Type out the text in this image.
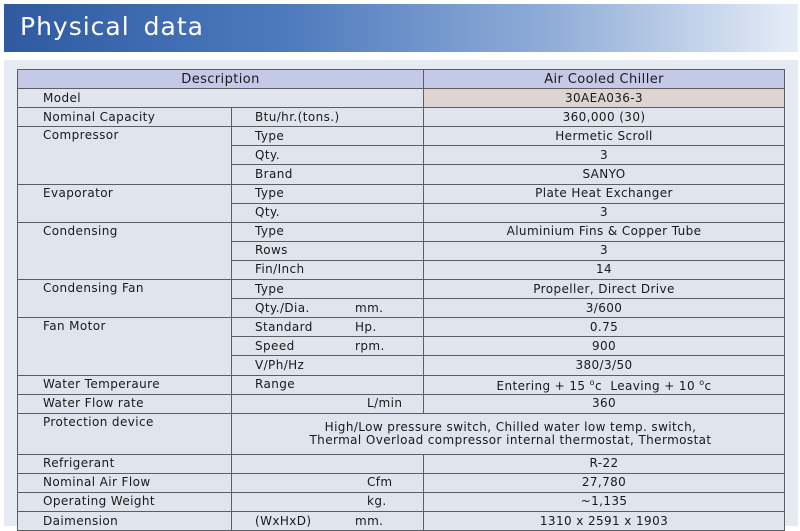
Physical data
Description		Air Cooled Chiller
Model		30AEA036-3
Nominal Capacity	Btu/hr.(tons.)	360,000 (30)
Compressor	Type	Hermetic Scroll
	Qty.	3
	Brand	SANYO
Evaporator	Type	Plate Heat Exchanger
	Qty.	3
Condensing	Type	Aluminium Fins & Copper Tube
	Rows	3
	Fin/Inch	14
Condensing Fan	Type	Propeller, Direct Drive
	Qty./Dia. mm.	3/600
Fan Motor	Standard Hp.	0.75
	Speed rpm.	900
	V/Ph/Hz	380/3/50
Water Temperaure	Range	Entering + 15 $^o$c Leaving + 10 $^o$c
Water Flow rate	L/min	360
Protection device	High/Low pressure switch, Chilled water low temp. switch,
Thermal Overload compressor internal thermostat, Thermostat	

Refrigerant		R-22
Nominal Air Flow	Cfm	27,780
Operating Weight	kg.	~1,135
Daimension	(WxHxD) mm.	1310 x 2591 x 1903
